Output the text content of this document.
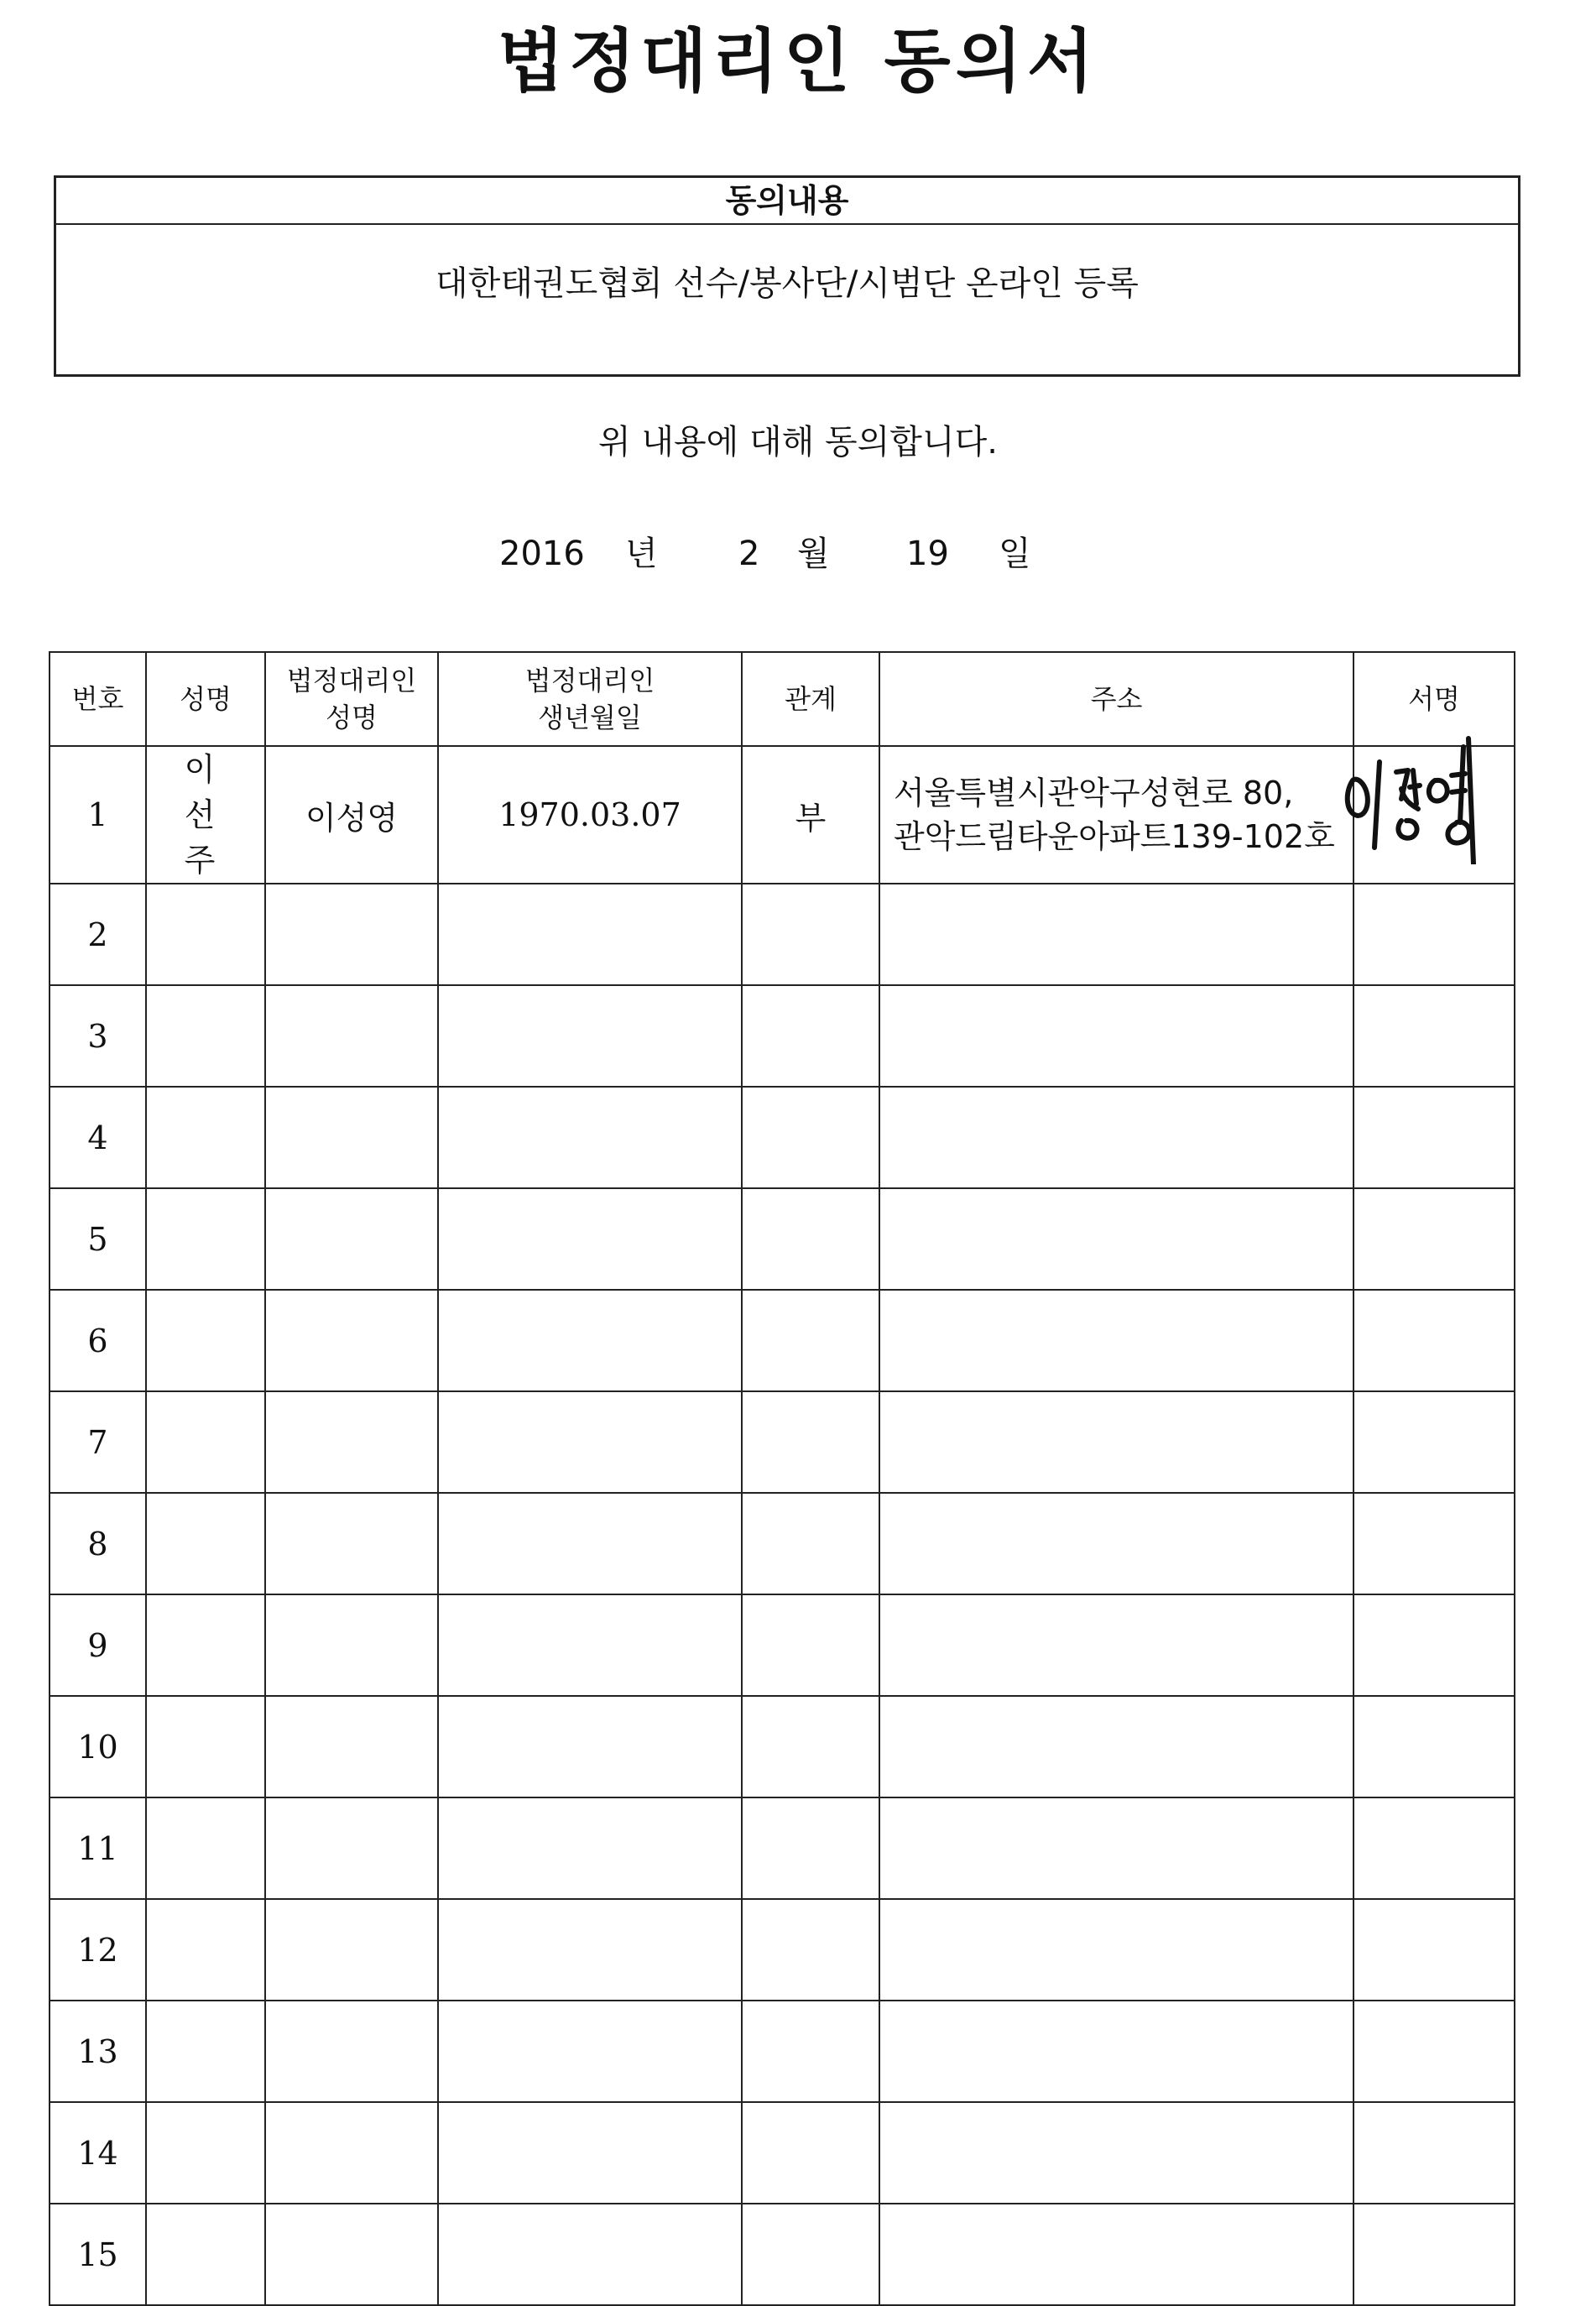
법정대리인 동의서
동의내용
대한태권도협회 선수/봉사단/시범단 온라인 등록
위 내용에 대해 동의합니다.
2016 년 2 월 19 일
번호	성명	법정대리인 성명	법정대리인 생년월일	관계	주소	서명
1	이 선 주	이성영	1970.03.07	부	서울특별시관악구성현로 80,
관악드림타운아파트139-102호

2						
3						
4						
5						
6						
7						
8						
9						
10						
11						
12						
13						
14						
15						
